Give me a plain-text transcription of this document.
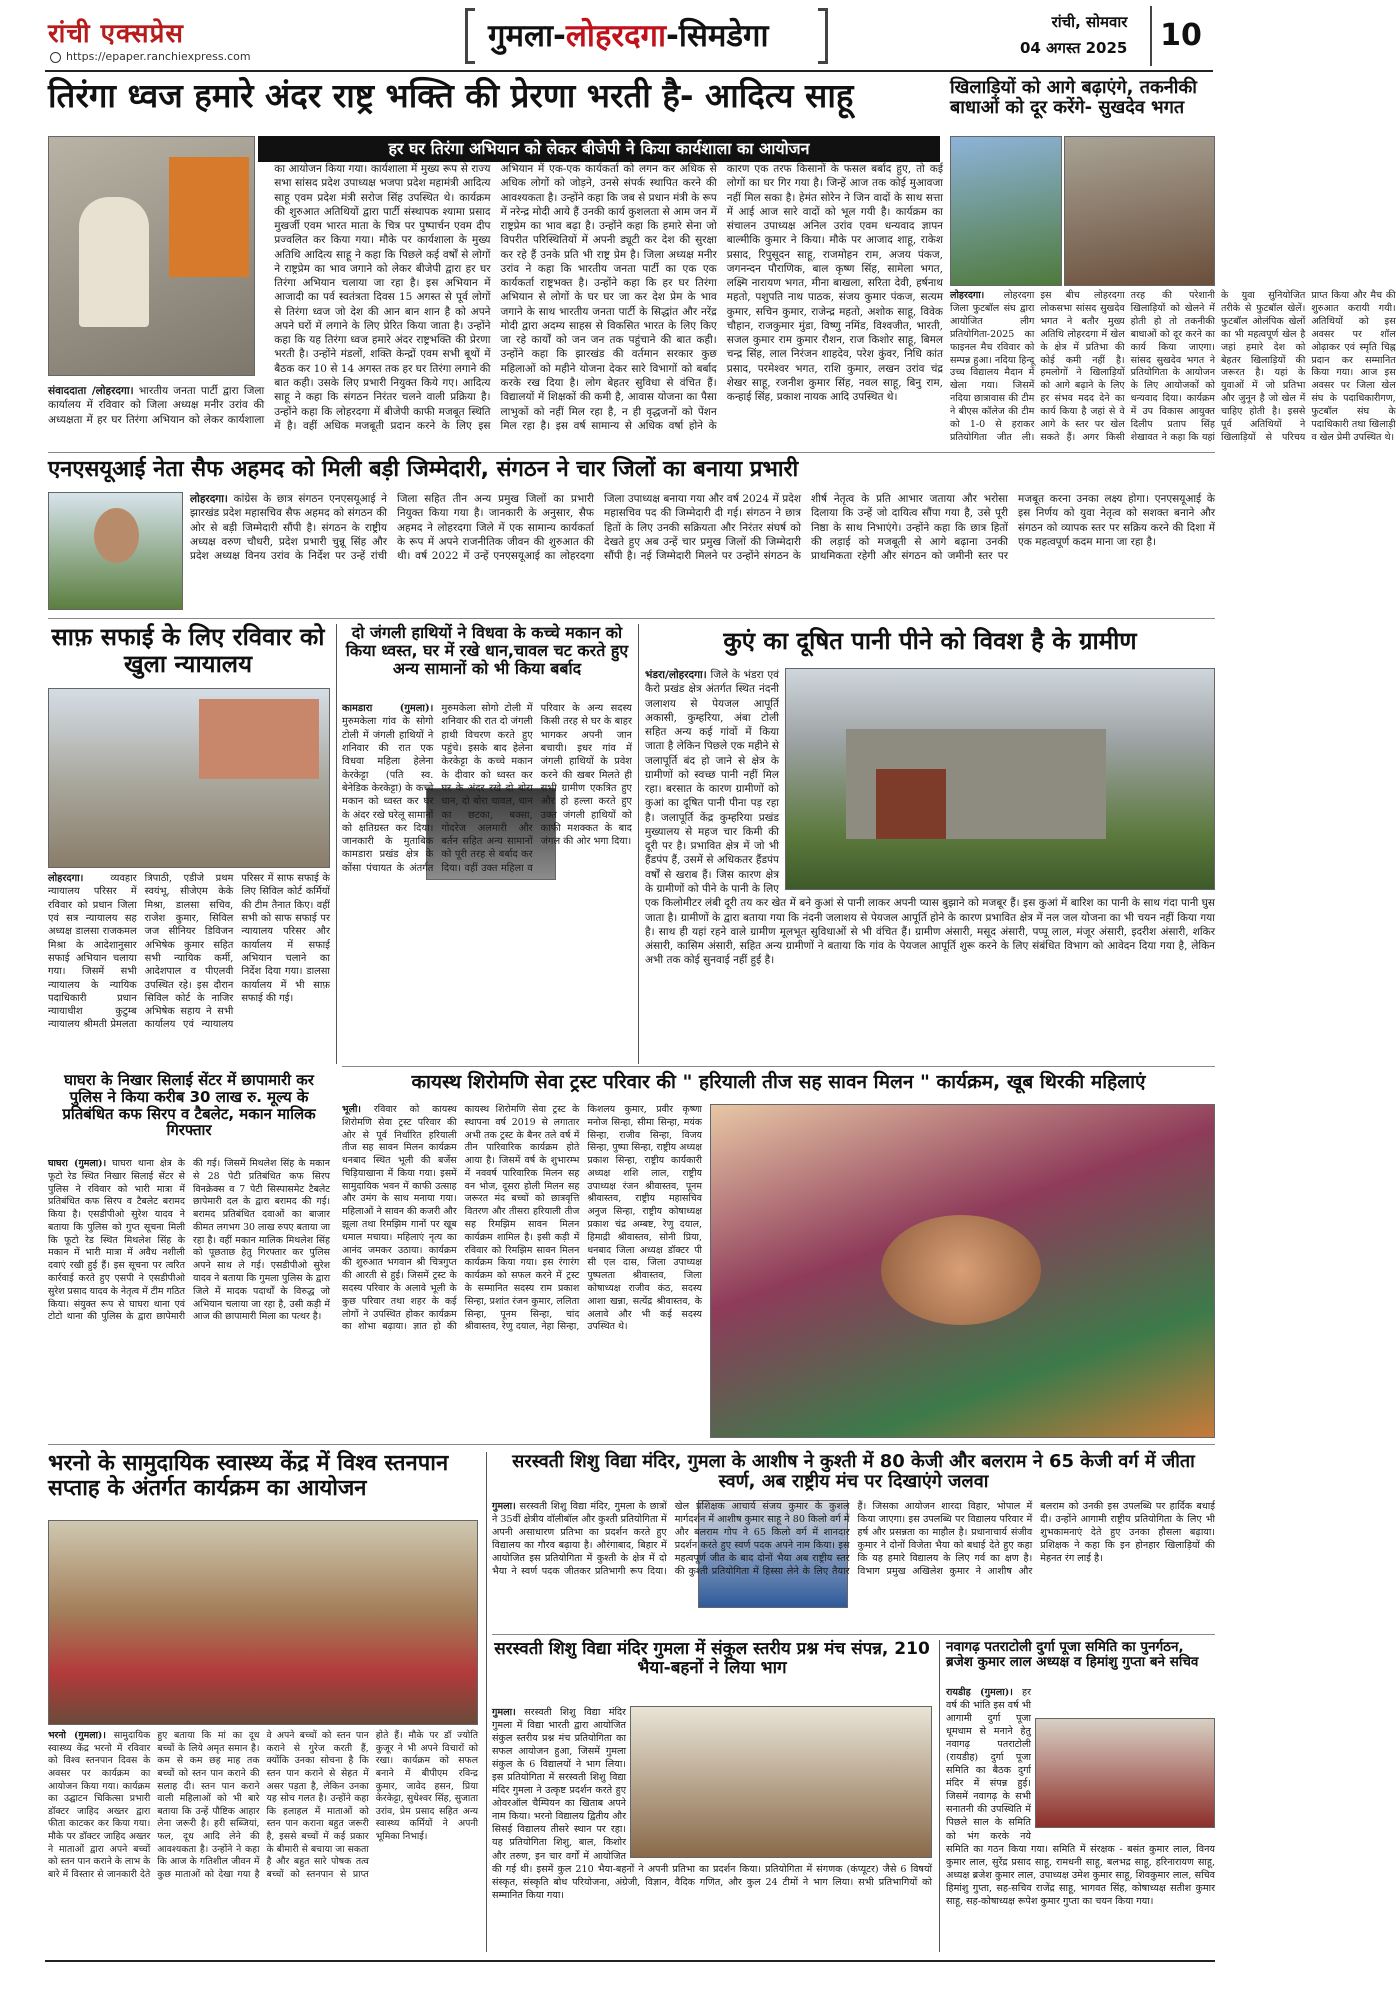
रांची एक्सप्रेस
https://epaper.ranchiexpress.com
गुमला-लोहरदगा-सिमडेगा	रांची, सोमवार
04 अगस्त 2025	10
तिरंगा ध्वज हमारे अंदर राष्ट्र भक्ति की प्रेरणा भरती है- आदित्य साहू
हर घर तिरंगा अभियान को लेकर बीजेपी ने किया कार्यशाला का आयोजन
संवाददाता /लोहरदगा। भारतीय जनता पार्टी द्वारा जिला कार्यालय में रविवार को जिला अध्यक्ष मनीर उरांव की अध्यक्षता में हर घर तिरंगा अभियान को लेकर कार्यशाला का आयोजन किया गया। कार्यशाला में मुख्य रूप से राज्य सभा सांसद प्रदेश उपाध्यक्ष भजपा प्रदेश महामंत्री आदित्य साहू एवम प्रदेश मंत्री सरोज सिंह उपस्थित थे। कार्यक्रम की शुरुआत अतिथियों द्वारा पार्टी संस्थापक श्यामा प्रसाद मुखर्जी एवम भारत माता के चित्र पर पुष्पार्चन एवम दीप प्रज्वलित कर किया गया। मौके पर कार्यशाला के मुख्य अतिथि आदित्य साहू ने कहा कि पिछले कई वर्षों से लोगों ने राष्ट्रप्रेम का भाव जगाने को लेकर बीजेपी द्वारा हर घर तिरंगा अभियान चलाया जा रहा है। इस अभियान में आजादी का पर्व स्वतंत्रता दिवस 15 अगस्त से पूर्व लोगों से तिरंगा ध्वज जो देश की आन बान शान है को अपने अपने घरों में लगाने के लिए प्रेरित किया जाता है। उन्होंने कहा कि यह तिरंगा ध्वज हमारे अंदर राष्ट्रभक्ति की प्रेरणा भरती है। उन्होंने मंडलों, शक्ति केन्द्रों एवम सभी बूथों में बैठक कर 10 से 14 अगस्त तक हर घर तिरंगा लगाने की बात कही। उसके लिए प्रभारी नियुक्त किये गए। आदित्य साहू ने कहा कि संगठन निरंतर चलने वाली प्रक्रिया है। उन्होंने कहा कि लोहरदगा में बीजेपी काफी मजबूत स्थिति में है। वहीं अधिक मजबूती प्रदान करने के लिए इस अभियान में एक-एक कार्यकर्ता को लगन कर अधिक से अधिक लोगों को जोड़ने, उनसे संपर्क स्थापित करने की आवश्यकता है। उन्होंने कहा कि जब से प्रधान मंत्री के रूप में नरेन्द्र मोदी आये हैं उनकी कार्य कुशलता से आम जन में राष्ट्रप्रेम का भाव बढ़ा है। उन्होंने कहा कि हमारे सेना जो विपरीत परिस्थितियों में अपनी ड्यूटी कर देश की सुरक्षा कर रहे हैं उनके प्रति भी राष्ट्र प्रेम है। जिला अध्यक्ष मनीर उरांव ने कहा कि भारतीय जनता पार्टी का एक एक कार्यकर्ता राष्ट्रभक्त है। उन्होंने कहा कि हर घर तिरंगा अभियान से लोगों के घर घर जा कर देश प्रेम के भाव जगाने के साथ भारतीय जनता पार्टी के सिद्धांत और नरेंद्र मोदी द्वारा अदम्य साहस से विकसित भारत के लिए किए जा रहे कार्यों को जन जन तक पहुंचाने की बात कही। उन्होंने कहा कि झारखंड की वर्तमान सरकार कुछ महिलाओं को महीने योजना देकर सारे विभागों को बर्बाद करके रख दिया है। लोग बेहतर सुविधा से वंचित हैं। विद्यालयों में शिक्षकों की कमी है, आवास योजना का पैसा लाभुकों को नहीं मिल रहा है, न ही वृद्धजनों को पेंशन मिल रहा है। इस वर्ष सामान्य से अधिक वर्षा होने के कारण एक तरफ किसानों के फसल बर्बाद हुए, तो कई लोगों का घर गिर गया है। जिन्हें आज तक कोई मुआवजा नहीं मिल सका है। हेमंत सोरेन ने जिन वादों के साथ सत्ता में आई आज सारे वादों को भूल गयी है। कार्यक्रम का संचालन उपाध्यक्ष अनिल उरांव एवम धन्यवाद ज्ञापन बाल्मीकि कुमार ने किया। मौके पर आजाद शाहू, राकेश प्रसाद, रिपुसूदन साहू, राजमोहन राम, अजय पंकज, जगनन्दन पौराणिक, बाल कृष्ण सिंह, सामेला भगत, लक्ष्मि नारायण भगत, मीना बाखला, सरिता देवी, हर्षनाथ महतो, पशुपति नाथ पाठक, संजय कुमार पंकज, सत्यम कुमार, सचिन कुमार, राजेन्द्र महतो, अशोक साहू, विवेक चौहान, राजकुमार मुंडा, विष्णु नमिंड, विश्वजीत, भारती, सजल कुमार राम कुमार रौशन, राज किशोर साहू, बिमल चन्द्र सिंह, लाल निरंजन शाहदेव, परेश कुंवर, निधि कांत प्रसाद, परमेश्वर भगत, राशि कुमार, लखन उरांव चंद्र शेखर साहू, रजनीश कुमार सिंह, नवल साहू, बिनु राम, कन्हाई सिंह, प्रकाश नायक आदि उपस्थित थे।
खिलाड़ियों को आगे बढ़ाएंगे, तकनीकी बाधाओं को दूर करेंगे- सुखदेव भगत
लोहरदगा। लोहरदगा जिला फुटबॉल संघ द्वारा आयोजित लीग प्रतियोगिता-2025 का फाइनल मैच रविवार को सम्पन्न हुआ। नदिया हिन्दू उच्च विद्यालय मैदान में खेला गया। जिसमें नदिया छात्रावास की टीम ने बीएस कॉलेज की टीम को 1-0 से हराकर प्रतियोगिता जीत ली। इस बीच लोहरदगा लोकसभा सांसद सुखदेव भगत ने बतौर मुख्य अतिथि लोहरदगा में खेल के क्षेत्र में प्रतिभा की कोई कमी नहीं है। हमलोगों ने खिलाड़ियों को आगे बढ़ाने के लिए हर संभव मदद देने का कार्य किया है जहां से वे आगे के स्तर पर खेल सकते हैं। अगर किसी तरह की परेशानी खिलाड़ियों को खेलने में होती हो तो तकनीकी बाधाओं को दूर करने का कार्य किया जाएगा। सांसद सुखदेव भगत ने प्रतियोगिता के आयोजन के लिए आयोजकों को धन्यवाद दिया। कार्यक्रम में उप विकास आयुक्त दिलीप प्रताप सिंह शेखावत ने कहा कि यहां के युवा सुनियोजित तरीके से फुटबॉल खेलें। फुटबॉल ओलंपिक खेलों का भी महत्वपूर्ण खेल है जहां हमारे देश को बेहतर खिलाड़ियों की जरूरत है। यहां के युवाओं में जो प्रतिभा और जुनून है जो खेल में चाहिए होती है। इससे पूर्व अतिथियों ने खिलाड़ियों से परिचय प्राप्त किया और मैच की शुरुआत करायी गयी। अतिथियों को इस अवसर पर शॉल ओढ़ाकर एवं स्मृति चिह्न प्रदान कर सम्मानित किया गया। आज इस अवसर पर जिला खेल संघ के पदाधिकारीगण, फुटबॉल संघ के पदाधिकारी तथा खिलाड़ी व खेल प्रेमी उपस्थित थे।
एनएसयूआई नेता सैफ अहमद को मिली बड़ी जिम्मेदारी, संगठन ने चार जिलों का बनाया प्रभारी
लोहरदगा। कांग्रेस के छात्र संगठन एनएसयूआई ने झारखंड प्रदेश महासचिव सैफ अहमद को संगठन की ओर से बड़ी जिम्मेदारी सौंपी है। संगठन के राष्ट्रीय अध्यक्ष वरुण चौधरी, प्रदेश प्रभारी चुन्नू सिंह और प्रदेश अध्यक्ष विनय उरांव के निर्देश पर उन्हें रांची जिला सहित तीन अन्य प्रमुख जिलों का प्रभारी नियुक्त किया गया है। जानकारी के अनुसार, सैफ अहमद ने लोहरदगा जिले में एक सामान्य कार्यकर्ता के रूप में अपने राजनीतिक जीवन की शुरुआत की थी। वर्ष 2022 में उन्हें एनएसयूआई का लोहरदगा जिला उपाध्यक्ष बनाया गया और वर्ष 2024 में प्रदेश महासचिव पद की जिम्मेदारी दी गई। संगठन ने छात्र हितों के लिए उनकी सक्रियता और निरंतर संघर्ष को देखते हुए अब उन्हें चार प्रमुख जिलों की जिम्मेदारी सौंपी है। नई जिम्मेदारी मिलने पर उन्होंने संगठन के शीर्ष नेतृत्व के प्रति आभार जताया और भरोसा दिलाया कि उन्हें जो दायित्व सौंपा गया है, उसे पूरी निष्ठा के साथ निभाएंगे। उन्होंने कहा कि छात्र हितों की लड़ाई को मजबूती से आगे बढ़ाना उनकी प्राथमिकता रहेगी और संगठन को जमीनी स्तर पर मजबूत करना उनका लक्ष्य होगा। एनएसयूआई के इस निर्णय को युवा नेतृत्व को सशक्त बनाने और संगठन को व्यापक स्तर पर सक्रिय करने की दिशा में एक महत्वपूर्ण कदम माना जा रहा है।
साफ़ सफाई के लिए रविवार को खुला न्यायालय
लोहरदगा।	व्यवहार न्यायालय परिसर में रविवार को प्रधान जिला एवं सत्र न्यायालय सह अध्यक्ष डालसा राजकमल मिश्रा के आदेशानुसार सफाई अभियान चलाया गया। जिसमें सभी न्यायालय के न्यायिक पदाधिकारी प्रधान न्यायाधीश कुटुम्ब न्यायालय श्रीमती प्रेमलता त्रिपाठी, एडीजे प्रथम स्वयंभू, सीजेएम केके मिश्रा, डालसा सचिव, राजेश कुमार, सिविल जज सीनियर डिविजन अभिषेक कुमार सहित सभी न्यायिक कर्मी, आदेशपाल व पीएलवी उपस्थित रहे। इस दौरान सिविल कोर्ट के नाजिर अभिषेक सहाय ने सभी कार्यालय एवं न्यायालय परिसर में साफ सफाई के लिए सिविल कोर्ट कर्मियों की टीम तैनात किए। वहीं सभी को साफ सफाई पर न्यायालय परिसर और कार्यालय में सफाई अभियान चलाने का निर्देश दिया गया। डालसा कार्यालय में भी साफ़ सफाई की गई।
दो जंगली हाथियों ने विधवा के कच्चे मकान को किया ध्वस्त, घर में रखे धान,चावल चट करते हुए अन्य सामानों को भी किया बर्बाद
कामडारा (गुमला)। मुरुमकेला गांव के सोगो टोली में जंगली हाथियों ने शनिवार की रात एक विधवा महिला हेलेना केरकेट्टा (पति स्व. बेनेडिक केरकेट्टा) के कच्चे मकान को ध्वस्त कर घर के अंदर रखे घरेलू सामानों को क्षतिग्रस्त कर दिया। जानकारी के मुताबिक कामडारा प्रखंड क्षेत्र के कोंसा पंचायत के अंतर्गत मुरुमकेला सोगो टोली में शनिवार की रात दो जंगली हाथी विचरण करते हुए पहुंचे। इसके बाद हेलेना केरकेट्टा के कच्चे मकान के दीवार को ध्वस्त कर घर के अंदर रखे दो बोरा धान, दो बोरा चावल, धान का छटका, बक्सा, गोदरेज अलमारी और बर्तन सहित अन्य सामानों को पूरी तरह से बर्बाद कर दिया। वहीं उक्त महिला व परिवार के अन्य सदस्य किसी तरह से घर के बाहर भागकर अपनी जान बचायी। इधर गांव में जंगली हाथियों के प्रवेश करने की खबर मिलते ही सभी ग्रामीण एकत्रित हुए और हो हल्ला करते हुए उक्त जंगली हाथियों को काफी मशक्कत के बाद जंगल की ओर भगा दिया।
कुएं का दूषित पानी पीने को विवश है के ग्रामीण
भंडरा/लोहरदगा। जिले के भंडरा एवं कैरो प्रखंड क्षेत्र अंतर्गत स्थित नंदनी जलाशय से पेयजल आपूर्ति अकासी, कुम्हरिया, अंबा टोली सहित अन्य कई गांवों में किया जाता है लेकिन पिछले एक महीने से जलापूर्ति बंद हो जाने से क्षेत्र के ग्रामीणों को स्वच्छ पानी नहीं मिल रहा। बरसात के कारण ग्रामीणों को कुआं का दूषित पानी पीना पड़ रहा है। जलापूर्ति केंद्र कुम्हरिया प्रखंड मुख्यालय से महज चार किमी की दूरी पर है। प्रभावित क्षेत्र में जो भी हैंडपंप हैं, उसमें से अधिकतर हैंडपंप वर्षों से खराब हैं। जिस कारण क्षेत्र के ग्रामीणों को पीने के पानी के लिए एक किलोमीटर लंबी दूरी तय कर खेत में बने कुआं से पानी लाकर अपनी प्यास बुझाने को मजबूर हैं। इस कुआं में बारिश का पानी के साथ गंदा पानी घुस जाता है। ग्रामीणों के द्वारा बताया गया कि नंदनी जलाशय से पेयजल आपूर्ति होने के कारण प्रभावित क्षेत्र में नल जल योजना का भी चयन नहीं किया गया है। साथ ही यहां रहने वाले ग्रामीण मूलभूत सुविधाओं से भी वंचित हैं। ग्रामीण अंसारी, मसूद अंसारी, पप्पू लाल, मंजूर अंसारी, इदरीश अंसारी, शकिर अंसारी, कासिम अंसारी, सहित अन्य ग्रामीणों ने बताया कि गांव के पेयजल आपूर्ति शुरू करने के लिए संबंधित विभाग को आवेदन दिया गया है, लेकिन अभी तक कोई सुनवाई नहीं हुई है।
घाघरा के निखार सिलाई सेंटर में छापामारी कर पुलिस ने किया करीब 30 लाख रु. मूल्य के प्रतिबंधित कफ सिरप व टैबलेट, मकान मालिक गिरफ्तार
घाघरा (गुमला)। घाघरा थाना क्षेत्र के फूटो रेड स्थित निखार सिलाई सेंटर से पुलिस ने रविवार को भारी मात्रा में प्रतिबंधित कफ सिरप व टैबलेट बरामद किया है। एसडीपीओ सुरेश यादव ने बताया कि पुलिस को गुप्त सूचना मिली कि फूटो रेड स्थित मिथलेश सिंह के मकान में भारी मात्रा में अवैध नशीली दवाएं रखी हुई हैं। इस सूचना पर त्वरित कार्रवाई करते हुए एसपी ने एसडीपीओ सुरेश प्रसाद यादव के नेतृत्व में टीम गठित किया। संयुक्त रूप से घाघरा थाना एवं टोटो थाना की पुलिस के द्वारा छापेमारी की गई। जिसमें मिथलेश सिंह के मकान से 28 पेटी प्रतिबंधित कफ सिरप विनक्रेक्स व 7 पेटी सिस्पासमेट टैबलेट छापेमारी दल के द्वारा बरामद की गई। बरामद प्रतिबंधित दवाओं का बाजार कीमत लगभग 30 लाख रुपए बताया जा रहा है। वहीं मकान मालिक मिथलेश सिंह को पूछताछ हेतु गिरफ्तार कर पुलिस अपने साथ ले गई। एसडीपीओ सुरेश यादव ने बताया कि गुमला पुलिस के द्वारा जिले में मादक पदार्थों के विरुद्ध जो अभियान चलाया जा रहा है, उसी कड़ी में आज की छापामारी मिला का पत्थर है।
कायस्थ शिरोमणि सेवा ट्रस्ट परिवार की " हरियाली तीज सह सावन मिलन " कार्यक्रम, खूब थिरकी महिलाएं
भूली। रविवार को कायस्थ शिरोमणि सेवा ट्रस्ट परिवार की ओर से पूर्व निर्धारित हरियाली तीज सह सावन मिलन कार्यक्रम धनबाद स्थित भूली की बर्जेस चिड़ियाखाना में किया गया। इसमें सामुदायिक भवन में काफी उत्साह और उमंग के साथ मनाया गया। महिलाओं ने सावन की कजरी और झूला तथा रिमझिम गानों पर खूब धमाल मचाया। महिलाएं नृत्य का आनंद जमकर उठाया। कार्यक्रम की शुरुआत भगवान श्री चित्रगुप्त की आरती से हुई। जिसमें ट्रस्ट के सदस्य परिवार के अलावे भूली के कुछ परिवार तथा शहर के कई लोगों ने उपस्थित होकर कार्यक्रम का शोभा बढ़ाया। ज्ञात हो की कायस्थ शिरोमणि सेवा ट्रस्ट के स्थापना वर्ष 2019 से लगातार अभी तक ट्रस्ट के बैनर तले वर्ष में तीन पारिवारिक कार्यक्रम होते आया है। जिसमें वर्ष के शुभारम्भ में नववर्ष पारिवारिक मिलन सह वन भोज, दूसरा होली मिलन सह जरूरत मंद बच्चों को छात्रवृत्ति वितरण और तीसरा हरियाली तीज सह रिमझिम सावन मिलन कार्यक्रम शामिल है। इसी कड़ी में रविवार को रिमझिम सावन मिलन कार्यक्रम किया गया। इस रंगारंग कार्यक्रम को सफल करने में ट्रस्ट के सम्मानित सदस्य राम प्रकाश सिन्हा, प्रशांत रंजन कुमार, ललिता सिन्हा, पूनम सिन्हा, चांद श्रीवास्तव, रेणु दयाल, नेहा सिन्हा, किशलय कुमार, प्रवीर कृष्णा मनोज सिन्हा, सीमा सिन्हा, मयंक सिन्हा, राजीव सिन्हा, विजय सिन्हा, पुष्पा सिन्हा, राष्ट्रीय अध्यक्ष प्रकाश सिन्हा, राष्ट्रीय कार्यकारी अध्यक्ष शशि लाल, राष्ट्रीय उपाध्यक्ष रंजन श्रीवास्तव, पूनम श्रीवास्तव, राष्ट्रीय महासचिव अनुज सिन्हा, राष्ट्रीय कोषाध्यक्ष प्रकाश चंद्र अम्बष्ट, रेणु दयाल, हिमाद्री श्रीवास्तव, सोनी प्रिया, धनबाद जिला अध्यक्ष डॉक्टर पी सी एल दास, जिला उपाध्यक्ष पुष्पलता श्रीवास्तव, जिला कोषाध्यक्ष राजीव कंठ, सदस्य आशा खन्ना, सत्येंद्र श्रीवास्तव, के अलावे और भी कई सदस्य उपस्थित थे।
भरनो के सामुदायिक स्वास्थ्य केंद्र में विश्व स्तनपान सप्ताह के अंतर्गत कार्यक्रम का आयोजन
भरनो (गुमला)। सामुदायिक स्वास्थ्य केंद्र भरनो में रविवार को विश्व स्तनपान दिवस के अवसर पर कार्यक्रम का आयोजन किया गया। कार्यक्रम का उद्घाटन चिकित्सा प्रभारी डॉक्टर जाहिद अख्तर द्वारा फीता काटकर कर किया गया। मौके पर डॉक्टर जाहिद अख्तर ने माताओं द्वारा अपने बच्चों को स्तन पान कराने के लाभ के बारे में विस्तार से जानकारी देते हुए बताया कि मां का दूध बच्चों के लिये अमृत समान है। कम से कम छह माह तक बच्चों को स्तन पान कराने की सलाह दी। स्तन पान कराने वाली महिलाओं को भी बारे बताया कि उन्हें पौष्टिक आहार लेना जरूरी है। हरी सब्जियां, फल, दूध आदि लेने की आवश्यकता है। उन्होंने ने कहा कि आज के गतिशील जीवन में कुछ माताओं को देखा गया है वे अपने बच्चों को स्तन पान कराने से गुरेज करती हैं, क्योंकि उनका सोचना है कि स्तन पान कराने से सेहत में असर पड़ता है, लेकिन उनका यह सोच गलत है। उन्होंने कहा कि हलाहल में माताओं को स्तन पान कराना बहुत जरूरी है, इससे बच्चों में कई प्रकार के बीमारी से बचाया जा सकता है और बहुत सारे पोषक तत्व बच्चों को स्तनपान से प्राप्त होते हैं। मौके पर डॉ ज्योति कुजूर ने भी अपने विचारों को रखा। कार्यक्रम को सफल बनाने में बीपीएम रविन्द्र कुमार, जावेद हसन, प्रिया केरकेट्टा, सुधेश्वर सिंह, सुजाता उरांव, प्रेम प्रसाद सहित अन्य स्वास्थ्य कर्मियों ने अपनी भूमिका निभाई।
सरस्वती शिशु विद्या मंदिर, गुमला के आशीष ने कुश्ती में 80 केजी और बलराम ने 65 केजी वर्ग में जीता स्वर्ण, अब राष्ट्रीय मंच पर दिखाएंगे जलवा
गुमला। सरस्वती शिशु विद्या मंदिर, गुमला के छात्रों ने 35वीं क्षेत्रीय वॉलीबॉल और कुश्ती प्रतियोगिता में अपनी असाधारण प्रतिभा का प्रदर्शन करते हुए विद्यालय का गौरव बढ़ाया है। औरंगाबाद, बिहार में आयोजित इस प्रतियोगिता में कुश्ती के क्षेत्र में दो भैया ने स्वर्ण पदक जीतकर प्रतिभागी रूप दिया। खेल प्रशिक्षक आचार्य संजय कुमार के कुशल मार्गदर्शन में आशीष कुमार साहू ने 80 किलो वर्ग में और बलराम गोप ने 65 किलो वर्ग में शानदार प्रदर्शन करते हुए स्वर्ण पदक अपने नाम किया। इस महत्वपूर्ण जीत के बाद दोनों भैया अब राष्ट्रीय स्तर की कुश्ती प्रतियोगिता में हिस्सा लेने के लिए तैयार हैं। जिसका आयोजन शारदा विहार, भोपाल में किया जाएगा। इस उपलब्धि पर विद्यालय परिवार में हर्ष और प्रसन्नता का माहौल है। प्रधानाचार्य संजीव कुमार ने दोनों विजेता भैया को बधाई देते हुए कहा कि यह हमारे विद्यालय के लिए गर्व का क्षण है। विभाग प्रमुख अखिलेश कुमार ने आशीष और बलराम को उनकी इस उपलब्धि पर हार्दिक बधाई दी। उन्होंने आगामी राष्ट्रीय प्रतियोगिता के लिए भी शुभकामनाएं देते हुए उनका हौसला बढ़ाया। प्रशिक्षक ने कहा कि इन होनहार खिलाड़ियों की मेहनत रंग लाई है।
सरस्वती शिशु विद्या मंदिर गुमला में संकुल स्तरीय प्रश्न मंच संपन्न, 210 भैया-बहनों ने लिया भाग
गुमला। सरस्वती शिशु विद्या मंदिर गुमला में विद्या भारती द्वारा आयोजित संकुल स्तरीय प्रश्न मंच प्रतियोगिता का सफल आयोजन हुआ, जिसमें गुमला संकुल के 6 विद्यालयों ने भाग लिया। इस प्रतियोगिता में सरस्वती शिशु विद्या मंदिर गुमला ने उत्कृष्ट प्रदर्शन करते हुए ओवरऑल चैम्पियन का खिताब अपने नाम किया। भरनो विद्यालय द्वितीय और सिसई विद्यालय तीसरे स्थान पर रहा। यह प्रतियोगिता शिशु, बाल, किशोर और तरुण, इन चार वर्गों में आयोजित की गई थी। इसमें कुल 210 भैया-बहनों ने अपनी प्रतिभा का प्रदर्शन किया। प्रतियोगिता में संगणक (कंप्यूटर) जैसे 6 विषयों संस्कृत, संस्कृति बोध परियोजना, अंग्रेजी, विज्ञान, वैदिक गणित, और कुल 24 टीमों ने भाग लिया। सभी प्रतिभागियों को सम्मानित किया गया।
नवागढ़ पतराटोली दुर्गा पूजा समिति का पुनर्गठन, ब्रजेश कुमार लाल अध्यक्ष व हिमांशु गुप्ता बने सचिव
रायडीह (गुमला)। हर वर्ष की भांति इस वर्ष भी आगामी दुर्गा पूजा धूमधाम से मनाने हेतु नवागढ़ पतराटोली (रायडीह) दुर्गा पूजा समिति का बैठक दुर्गा मंदिर में संपन्न हुई। जिसमें नवागढ़ के सभी सनातनी की उपस्थिति में पिछले साल के समिति को भंग करके नये समिति का गठन किया गया। समिति में संरक्षक - बसंत कुमार लाल, विनय कुमार लाल, सुरेंद्र प्रसाद साहू, रामधनी साहू, बलभद्र साहू, हरिनारायण साहू, अध्यक्ष ब्रजेश कुमार लाल, उपाध्यक्ष उमेश कुमार साहू, शिवकुमार लाल, सचिव हिमांशु गुप्ता, सह-सचिव राजेंद्र साहू, भागवत सिंह, कोषाध्यक्ष सतीश कुमार साहू, सह-कोषाध्यक्ष रूपेश कुमार गुप्ता का चयन किया गया।
